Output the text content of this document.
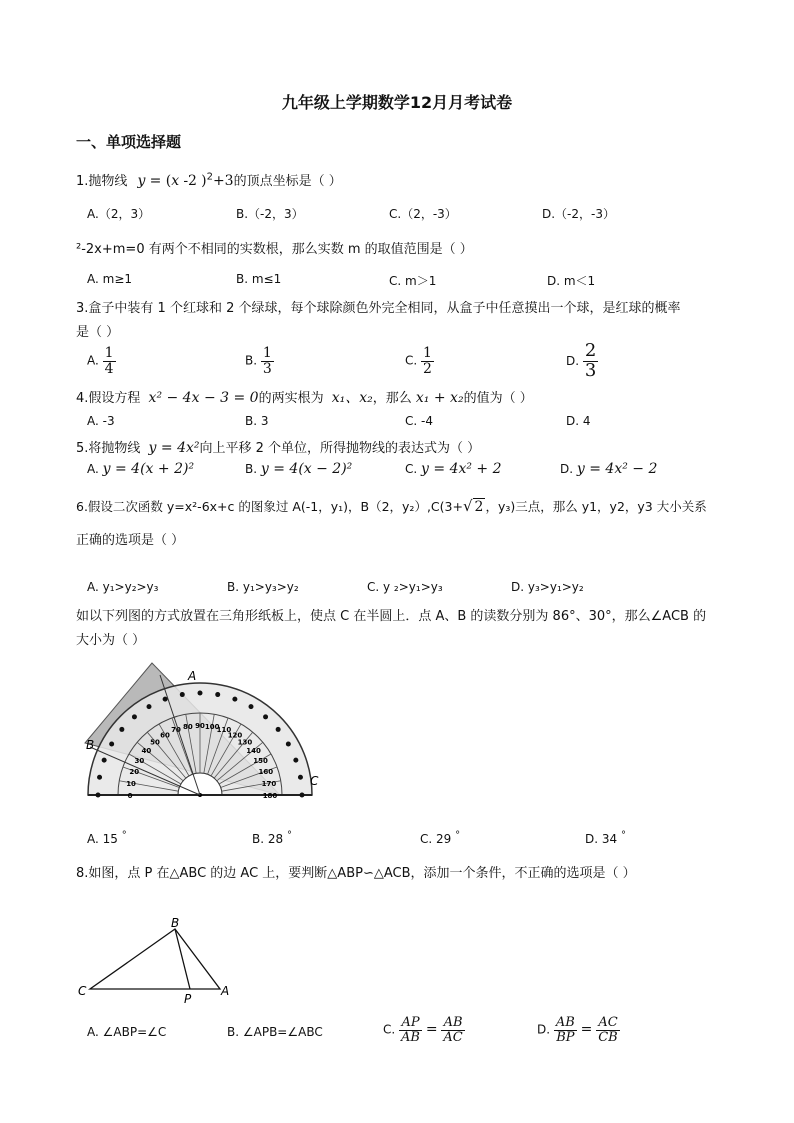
九年级上学期数学12月月考试卷
一、单项选择题
1.抛物线 y = (x -2 )$^2$+3的顶点坐标是（ ）
A.（2，3）	B.（-2，3）	C.（2，-3）	D.（-2，-3）
²-2x+m=0 有两个不相同的实数根，那么实数 m 的取值范围是（ ）
A. m≥1	B. m≤1	C. m＞1	D. m＜1
3.盒子中装有 1 个红球和 2 个绿球，每个球除颜色外完全相同，从盒子中任意摸出一个球，是红球的概率
是（ ）
A. $\frac{1}{4}$	B. $\frac{1}{3}$	C. $\frac{1}{2}$	D. $\frac{2}{3}$
4.假设方程 x² − 4x − 3 = 0的两实根为 x₁、x₂，那么 x₁ + x₂的值为（ ）
A. -3	B. 3	C. -4	D. 4
5.将抛物线 y = 4x²向上平移 2 个单位，所得抛物线的表达式为（ ）
A. y = 4(x + 2)²	B. y = 4(x − 2)²	C. y = 4x² + 2	D. y = 4x² − 2
6.假设二次函数 y=x²-6x+c 的图象过 A(-1，y₁)，B（2，y₂）,C(3+√ 2 ，y₃)三点，那么 y1，y2，y3 大小关系
正确的选项是（ ）
A. y₁>y₂>y₃	B. y₁>y₃>y₂	C. y ₂>y₁>y₃	D. y₃>y₁>y₂
如以下列图的方式放置在三角形纸板上，使点 C 在半圆上．点 A、B 的读数分别为 86°、30°，那么∠ACB 的
大小为（ ）
0
10
20
30
40
50
60
70 80 90 100
110
120
130
140
150
160
170
180
A
B
C
A. 15 °	B. 28 °	C. 29 °	D. 34 °
8.如图，点 P 在△ABC 的边 AC 上，要判断△ABP∽△ACB，添加一个条件，不正确的选项是（ ）
B
C
P
A
A. ∠ABP=∠C	B. ∠APB=∠ABC	C. $\frac{AP}{AB} = \frac{AB}{AC}$	D. $\frac{AB}{BP} = \frac{AC}{CB}$
